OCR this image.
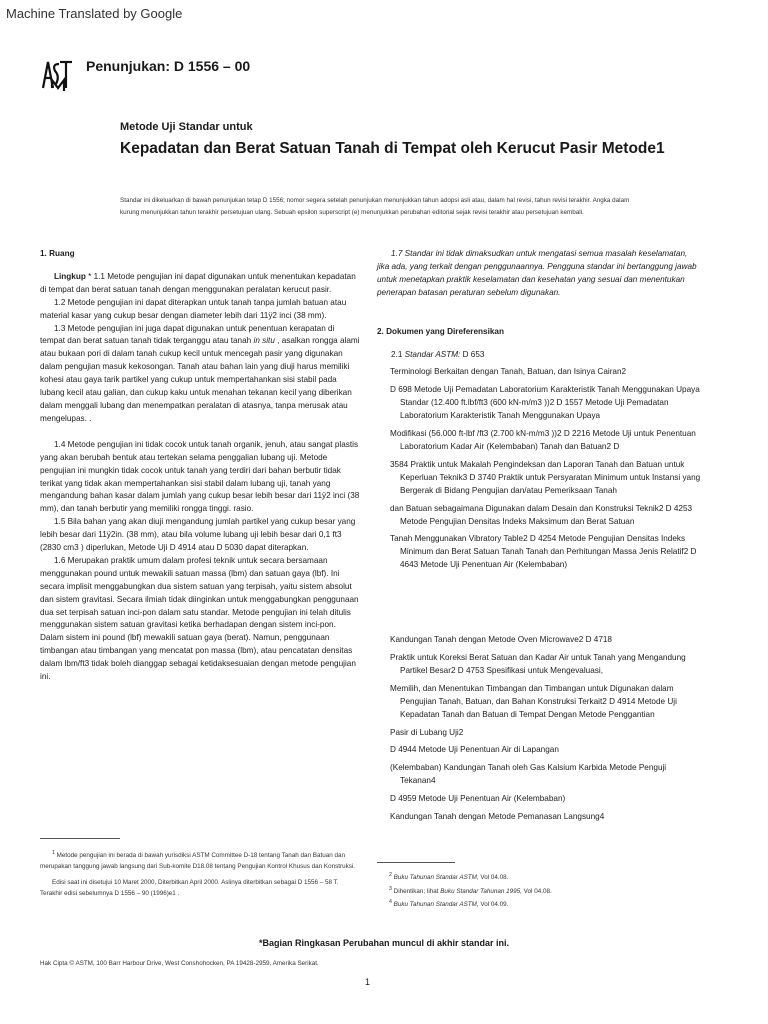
Machine Translated by Google
Penunjukan: D 1556 – 00
Metode Uji Standar untuk
Kepadatan dan Berat Satuan Tanah di Tempat oleh Kerucut Pasir Metode1
Standar ini dikeluarkan di bawah penunjukan tetap D 1556; nomor segera setelah penunjukan menunjukkan tahun adopsi asli atau, dalam hal revisi, tahun revisi terakhir. Angka dalam kurung menunjukkan tahun terakhir persetujuan ulang. Sebuah epsilon superscript (e) menunjukkan perubahan editorial sejak revisi terakhir atau persetujuan kembali.

1. Ruang

Lingkup * 1.1 Metode pengujian ini dapat digunakan untuk menentukan kepadatan di tempat dan berat satuan tanah dengan menggunakan peralatan kerucut pasir.

1.2 Metode pengujian ini dapat diterapkan untuk tanah tanpa jumlah batuan atau material kasar yang cukup besar dengan diameter lebih dari 11ÿ2 inci (38 mm).

1.3 Metode pengujian ini juga dapat digunakan untuk penentuan kerapatan di tempat dan berat satuan tanah tidak terganggu atau tanah in situ , asalkan rongga alami atau bukaan pori di dalam tanah cukup kecil untuk mencegah pasir yang digunakan dalam pengujian masuk kekosongan. Tanah atau bahan lain yang diuji harus memiliki kohesi atau gaya tarik partikel yang cukup untuk mempertahankan sisi stabil pada lubang kecil atau galian, dan cukup kaku untuk menahan tekanan kecil yang diberikan dalam menggali lubang dan menempatkan peralatan di atasnya, tanpa merusak atau mengelupas. .

1.4 Metode pengujian ini tidak cocok untuk tanah organik, jenuh, atau sangat plastis yang akan berubah bentuk atau tertekan selama penggalian lubang uji. Metode pengujian ini mungkin tidak cocok untuk tanah yang terdiri dari bahan berbutir tidak terikat yang tidak akan mempertahankan sisi stabil dalam lubang uji, tanah yang mengandung bahan kasar dalam jumlah yang cukup besar lebih besar dari 11ÿ2 inci (38 mm), dan tanah berbutir yang memiliki rongga tinggi. rasio.

1.5 Bila bahan yang akan diuji mengandung jumlah partikel yang cukup besar yang lebih besar dari 11ÿ2in. (38 mm), atau bila volume lubang uji lebih besar dari 0,1 ft3 (2830 cm3 ) diperlukan, Metode Uji D 4914 atau D 5030 dapat diterapkan.

1.6 Merupakan praktik umum dalam profesi teknik untuk secara bersamaan menggunakan pound untuk mewakili satuan massa (lbm) dan satuan gaya (lbf). Ini secara implisit menggabungkan dua sistem satuan yang terpisah, yaitu sistem absolut dan sistem gravitasi. Secara ilmiah tidak diinginkan untuk menggabungkan penggunaan dua set terpisah satuan inci-pon dalam satu standar. Metode pengujian ini telah ditulis menggunakan sistem satuan gravitasi ketika berhadapan dengan sistem inci-pon. Dalam sistem ini pound (lbf) mewakili satuan gaya (berat). Namun, penggunaan timbangan atau timbangan yang mencatat pon massa (lbm), atau pencatatan densitas dalam lbm/ft3 tidak boleh dianggap sebagai ketidaksesuaian dengan metode pengujian ini.

$^1$ Metode pengujian ini berada di bawah yurisdiksi ASTM Committee D-18 tentang Tanah dan Batuan dan merupakan tanggung jawab langsung dari Sub-komite D18.08 tentang Pengujian Kontrol Khusus dan Konstruksi.

Edisi saat ini disetujui 10 Maret 2000, Diterbitkan April 2000. Aslinya diterbitkan sebagai D 1556 – 58 T. Terakhir edisi sebelumnya D 1556 – 90 (1996)e1 .

1.7 Standar ini tidak dimaksudkan untuk mengatasi semua masalah keselamatan, jika ada, yang terkait dengan penggunaannya. Pengguna standar ini bertanggung jawab untuk menetapkan praktik keselamatan dan kesehatan yang sesuai dan menentukan penerapan batasan peraturan sebelum digunakan.

2. Dokumen yang Direferensikan

2.1 Standar ASTM: D 653

Terminologi Berkaitan dengan Tanah, Batuan, dan Isinya Cairan2

D 698 Metode Uji Pemadatan Laboratorium Karakteristik Tanah Menggunakan Upaya Standar (12.400 ft.lbf/ft3 (600 kN-m/m3 ))2 D 1557 Metode Uji Pemadatan Laboratorium Karakteristik Tanah Menggunakan Upaya

Modifikasi (56.000 ft-lbf /ft3 (2.700 kN-m/m3 ))2 D 2216 Metode Uji untuk Penentuan Laboratorium Kadar Air (Kelembaban) Tanah dan Batuan2 D

3584 Praktik untuk Makalah Pengindeksan dan Laporan Tanah dan Batuan untuk Keperluan Teknik3 D 3740 Praktik untuk Persyaratan Minimum untuk Instansi yang Bergerak di Bidang Pengujian dan/atau Pemeriksaan Tanah

dan Batuan sebagaimana Digunakan dalam Desain dan Konstruksi Teknik2 D 4253 Metode Pengujian Densitas Indeks Maksimum dan Berat Satuan

Tanah Menggunakan Vibratory Table2 D 4254 Metode Pengujian Densitas Indeks Minimum dan Berat Satuan Tanah Tanah dan Perhitungan Massa Jenis Relatif2 D 4643 Metode Uji Penentuan Air (Kelembaban)

Kandungan Tanah dengan Metode Oven Microwave2 D 4718

Praktik untuk Koreksi Berat Satuan dan Kadar Air untuk Tanah yang Mengandung Partikel Besar2 D 4753 Spesifikasi untuk Mengevaluasi,

Memilih, dan Menentukan Timbangan dan Timbangan untuk Digunakan dalam Pengujian Tanah, Batuan, dan Bahan Konstruksi Terkait2 D 4914 Metode Uji Kepadatan Tanah dan Batuan di Tempat Dengan Metode Penggantian

Pasir di Lubang Uji2

D 4944 Metode Uji Penentuan Air di Lapangan

(Kelembaban) Kandungan Tanah oleh Gas Kalsium Karbida Metode Penguji Tekanan4

D 4959 Metode Uji Penentuan Air (Kelembaban)

Kandungan Tanah dengan Metode Pemanasan Langsung4

$^2$ Buku Tahunan Standar ASTM, Vol 04.08.

$^3$ Dihentikan; lihat Buku Standar Tahunan 1995, Vol 04.08.

$^4$ Buku Tahunan Standar ASTM, Vol 04.09.

*Bagian Ringkasan Perubahan muncul di akhir standar ini.
Hak Cipta © ASTM, 100 Barr Harbour Drive, West Conshohocken, PA 19428-2959, Amerika Serikat.
1
